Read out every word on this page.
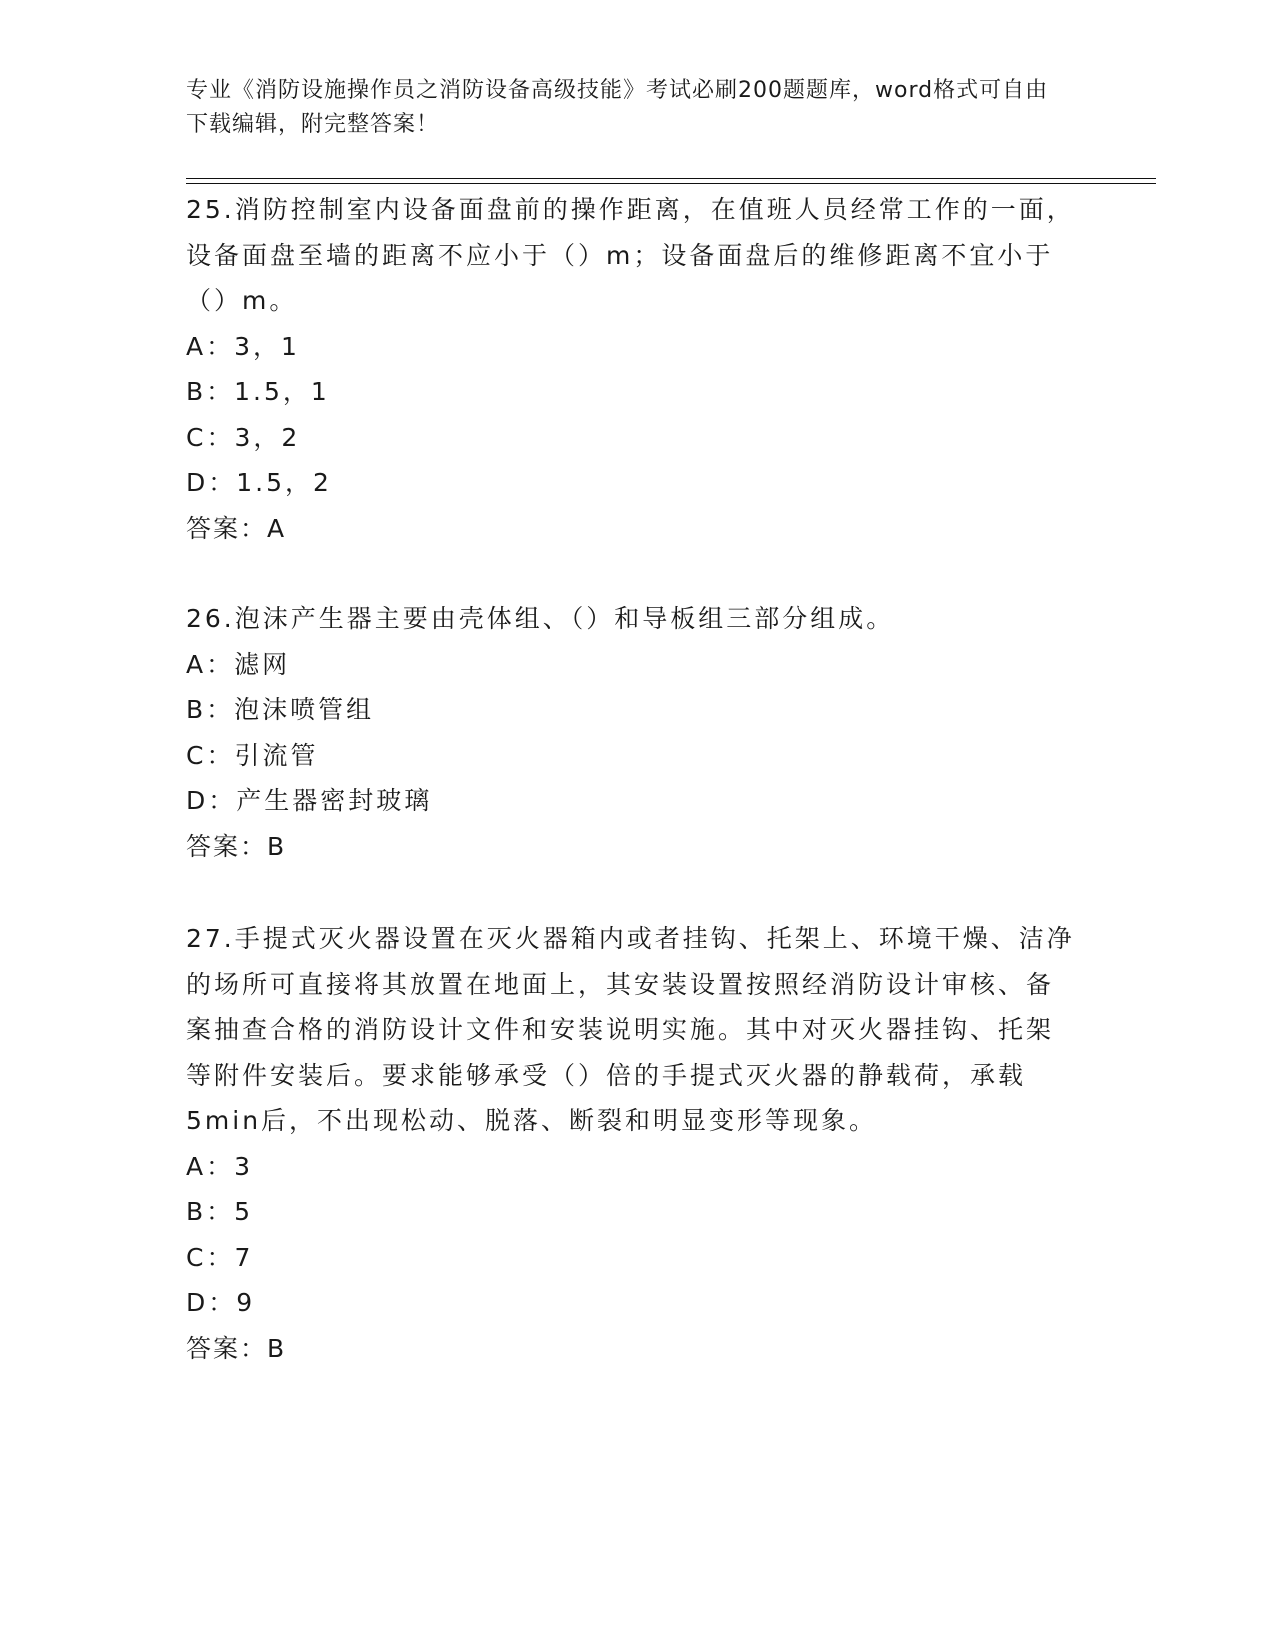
专业《消防设施操作员之消防设备高级技能》考试必刷200题题库，word格式可自由下载编辑，附完整答案！

25.消防控制室内设备面盘前的操作距离，在值班人员经常工作的一面，设备面盘至墙的距离不应小于（）m；设备面盘后的维修距离不宜小于（）m。

A：3，1

B：1.5，1

C：3，2

D：1.5，2

答案：A

26.泡沫产生器主要由壳体组、（）和导板组三部分组成。

A：滤网

B：泡沫喷管组

C：引流管

D：产生器密封玻璃

答案：B

27.手提式灭火器设置在灭火器箱内或者挂钩、托架上、环境干燥、洁净的场所可直接将其放置在地面上，其安装设置按照经消防设计审核、备案抽查合格的消防设计文件和安装说明实施。其中对灭火器挂钩、托架等附件安装后。要求能够承受（）倍的手提式灭火器的静载荷，承载5min后，不出现松动、脱落、断裂和明显变形等现象。

A：3

B：5

C：7

D：9

答案：B
